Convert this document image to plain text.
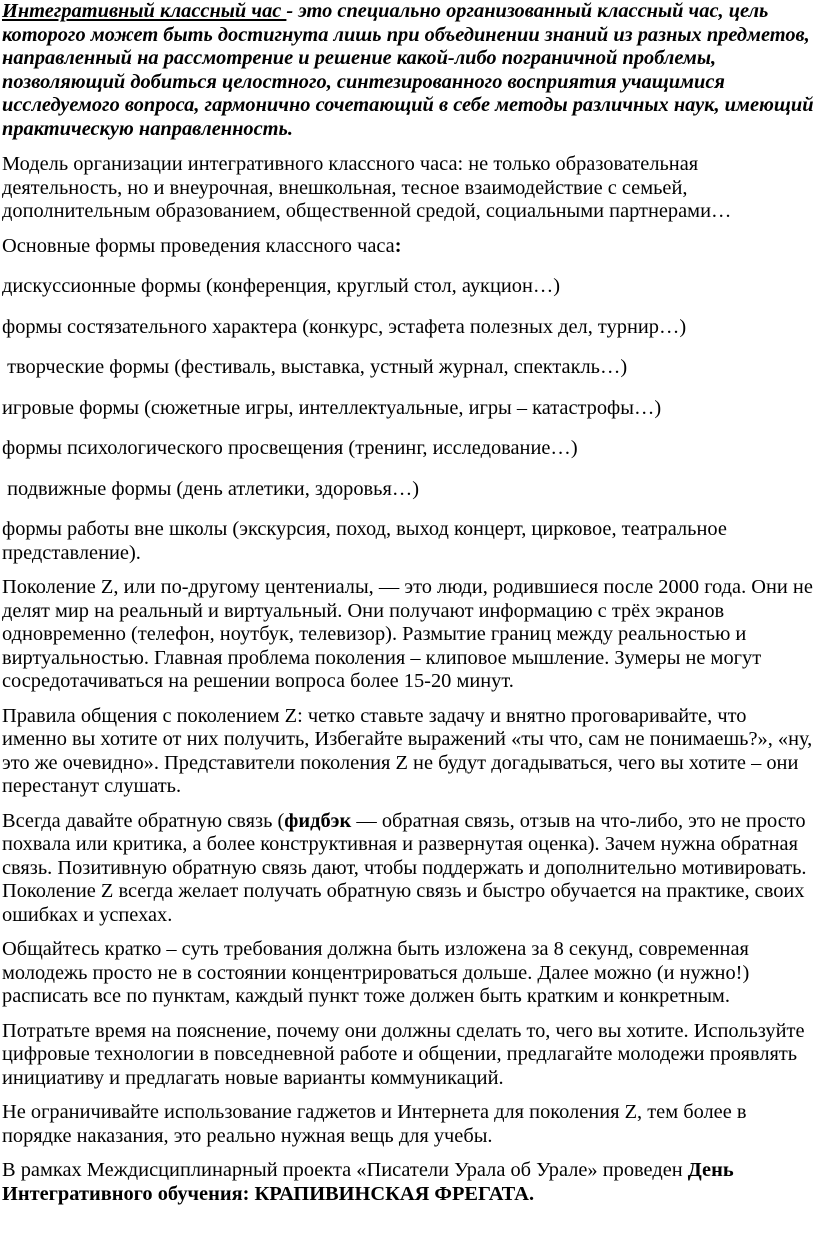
Интегративный классный час - это специально организованный классный час, цель которого может быть достигнута лишь при объединении знаний из разных предметов, направленный на рассмотрение и решение какой-либо пограничной проблемы, позволяющий добиться целостного, синтезированного восприятия учащимися исследуемого вопроса, гармонично сочетающий в себе методы различных наук, имеющий практическую направленность.

Модель организации интегративного классного часа: не только образовательная деятельность, но и внеурочная, внешкольная, тесное взаимодействие с семьей, дополнительным образованием, общественной средой, социальными партнерами…

Основные формы проведения классного часа:

дискуссионные формы (конференция, круглый стол, аукцион…)

формы состязательного характера (конкурс, эстафета полезных дел, турнир…)

творческие формы (фестиваль, выставка, устный журнал, спектакль…)

игровые формы (сюжетные игры, интеллектуальные, игры – катастрофы…)

формы психологического просвещения (тренинг, исследование…)

подвижные формы (день атлетики, здоровья…)

формы работы вне школы (экскурсия, поход, выход концерт, цирковое, театральное представление).

Поколение Z, или по-другому центениалы, — это люди, родившиеся после 2000 года. Они не делят мир на реальный и виртуальный. Они получают информацию с трёх экранов одновременно (телефон, ноутбук, телевизор). Размытие границ между реальностью и виртуальностью. Главная проблема поколения – клиповое мышление. Зумеры не могут сосредотачиваться на решении вопроса более 15-20 минут.

Правила общения с поколением Z: четко ставьте задачу и внятно проговаривайте, что именно вы хотите от них получить, Избегайте выражений «ты что, сам не понимаешь?», «ну, это же очевидно». Представители поколения Z не будут догадываться, чего вы хотите – они перестанут слушать.

Всегда давайте обратную связь (фидбэк — обратная связь, отзыв на что-либо, это не просто похвала или критика, а более конструктивная и развернутая оценка). Зачем нужна обратная связь. Позитивную обратную связь дают, чтобы поддержать и дополнительно мотивировать. Поколение Z всегда желает получать обратную связь и быстро обучается на практике, своих ошибках и успехах.

Общайтесь кратко – суть требования должна быть изложена за 8 секунд, современная молодежь просто не в состоянии концентрироваться дольше. Далее можно (и нужно!) расписать все по пунктам, каждый пункт тоже должен быть кратким и конкретным.

Потратьте время на пояснение, почему они должны сделать то, чего вы хотите. Используйте цифровые технологии в повседневной работе и общении, предлагайте молодежи проявлять инициативу и предлагать новые варианты коммуникаций.

Не ограничивайте использование гаджетов и Интернета для поколения Z, тем более в порядке наказания, это реально нужная вещь для учебы.

В рамках Междисциплинарный проекта «Писатели Урала об Урале» проведен День Интегративного обучения: КРАПИВИНСКАЯ ФРЕГАТА.
